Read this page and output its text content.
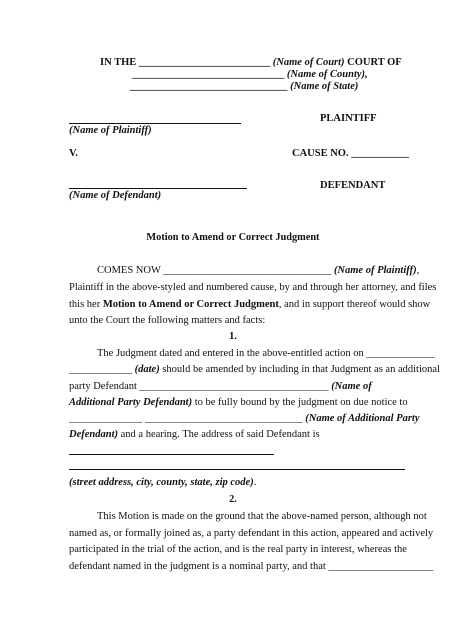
IN THE _________________________ (Name of Court) COURT OF
_____________________________ (Name of County),
______________________________ (Name of State)
PLAINTIFF
(Name of Plaintiff)
V.	CAUSE NO. ___________
DEFENDANT
(Name of Defendant)
Motion to Amend or Correct Judgment
COMES NOW ________________________________ (Name of Plaintiff),
Plaintiff in the above-styled and numbered cause, by and through her attorney, and files
this her Motion to Amend or Correct Judgment, and in support thereof would show
unto the Court the following matters and facts:
1.
The Judgment dated and entered in the above-entitled action on _____________
____________ (date) should be amended by including in that Judgment as an additional
party Defendant ____________________________________ (Name of
Additional Party Defendant) to be fully bound by the judgment on due notice to
______________ ______________________________ (Name of Additional Party
Defendant) and a hearing. The address of said Defendant is
(street address, city, county, state, zip code).
2.
This Motion is made on the ground that the above-named person, although not
named as, or formally joined as, a party defendant in this action, appeared and actively
participated in the trial of the action, and is the real party in interest, whereas the
defendant named in the judgment is a nominal party, and that ____________________
